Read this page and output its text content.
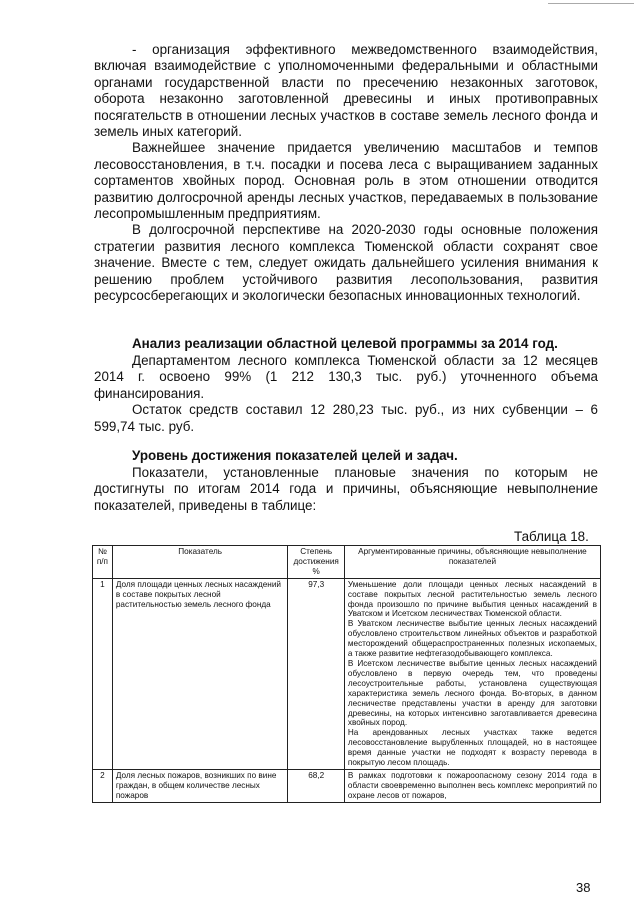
- организация эффективного межведомственного взаимодействия, включая взаимодействие с уполномоченными федеральными и областными органами государственной власти по пресечению незаконных заготовок, оборота незаконно заготовленной древесины и иных противоправных посягательств в отношении лесных участков в составе земель лесного фонда и земель иных категорий.

Важнейшее значение придается увеличению масштабов и темпов лесовосстановления, в т.ч. посадки и посева леса с выращиванием заданных сортаментов хвойных пород. Основная роль в этом отношении отводится развитию долгосрочной аренды лесных участков, передаваемых в пользование лесопромышленным предприятиям.

В долгосрочной перспективе на 2020-2030 годы основные положения стратегии развития лесного комплекса Тюменской области сохранят свое значение. Вместе с тем, следует ожидать дальнейшего усиления внимания к решению проблем устойчивого развития лесопользования, развития ресурсосберегающих и экологически безопасных инновационных технологий.

Анализ реализации областной целевой программы за 2014 год.

Департаментом лесного комплекса Тюменской области за 12 месяцев 2014 г. освоено 99% (1 212 130,3 тыс. руб.) уточненного объема финансирования.

Остаток средств составил 12 280,23 тыс. руб., из них субвенции – 6 599,74 тыс. руб.

Уровень достижения показателей целей и задач.

Показатели, установленные плановые значения по которым не достигнуты по итогам 2014 года и причины, объясняющие невыполнение показателей, приведены в таблице:

Таблица 18.
№ п/п	Показатель	Степень достижения %	Аргументированные причины, объясняющие невыполнение показателей
1	Доля площади ценных лесных насаждений в составе покрытых лесной растительностью земель лесного фонда	97,3	Уменьшение доли площади ценных лесных насаждений в составе покрытых лесной растительностью земель лесного фонда произошло по причине выбытия ценных насаждений в Уватском и Исетском лесничествах Тюменской области.
В Уватском лесничестве выбытие ценных лесных насаждений обусловлено строительством линейных объектов и разработкой месторождений общераспространенных полезных ископаемых, а также развитие нефтегазодобывающего комплекса.
В Исетском лесничестве выбытие ценных лесных насаждений обусловлено в первую очередь тем, что проведены лесоустроительные работы, установлена существующая характеристика земель лесного фонда. Во-вторых, в данном лесничестве представлены участки в аренду для заготовки древесины, на которых интенсивно заготавливается древесина хвойных пород.
На арендованных лесных участках также ведется лесовосстановление вырубленных площадей, но в настоящее время данные участки не подходят к возрасту перевода в покрытую лесом площадь.

2	Доля лесных пожаров, возникших по вине граждан, в общем количестве лесных пожаров	68,2	В рамках подготовки к пожароопасному сезону 2014 года в области своевременно выполнен весь комплекс мероприятий по охране лесов от пожаров,
38
